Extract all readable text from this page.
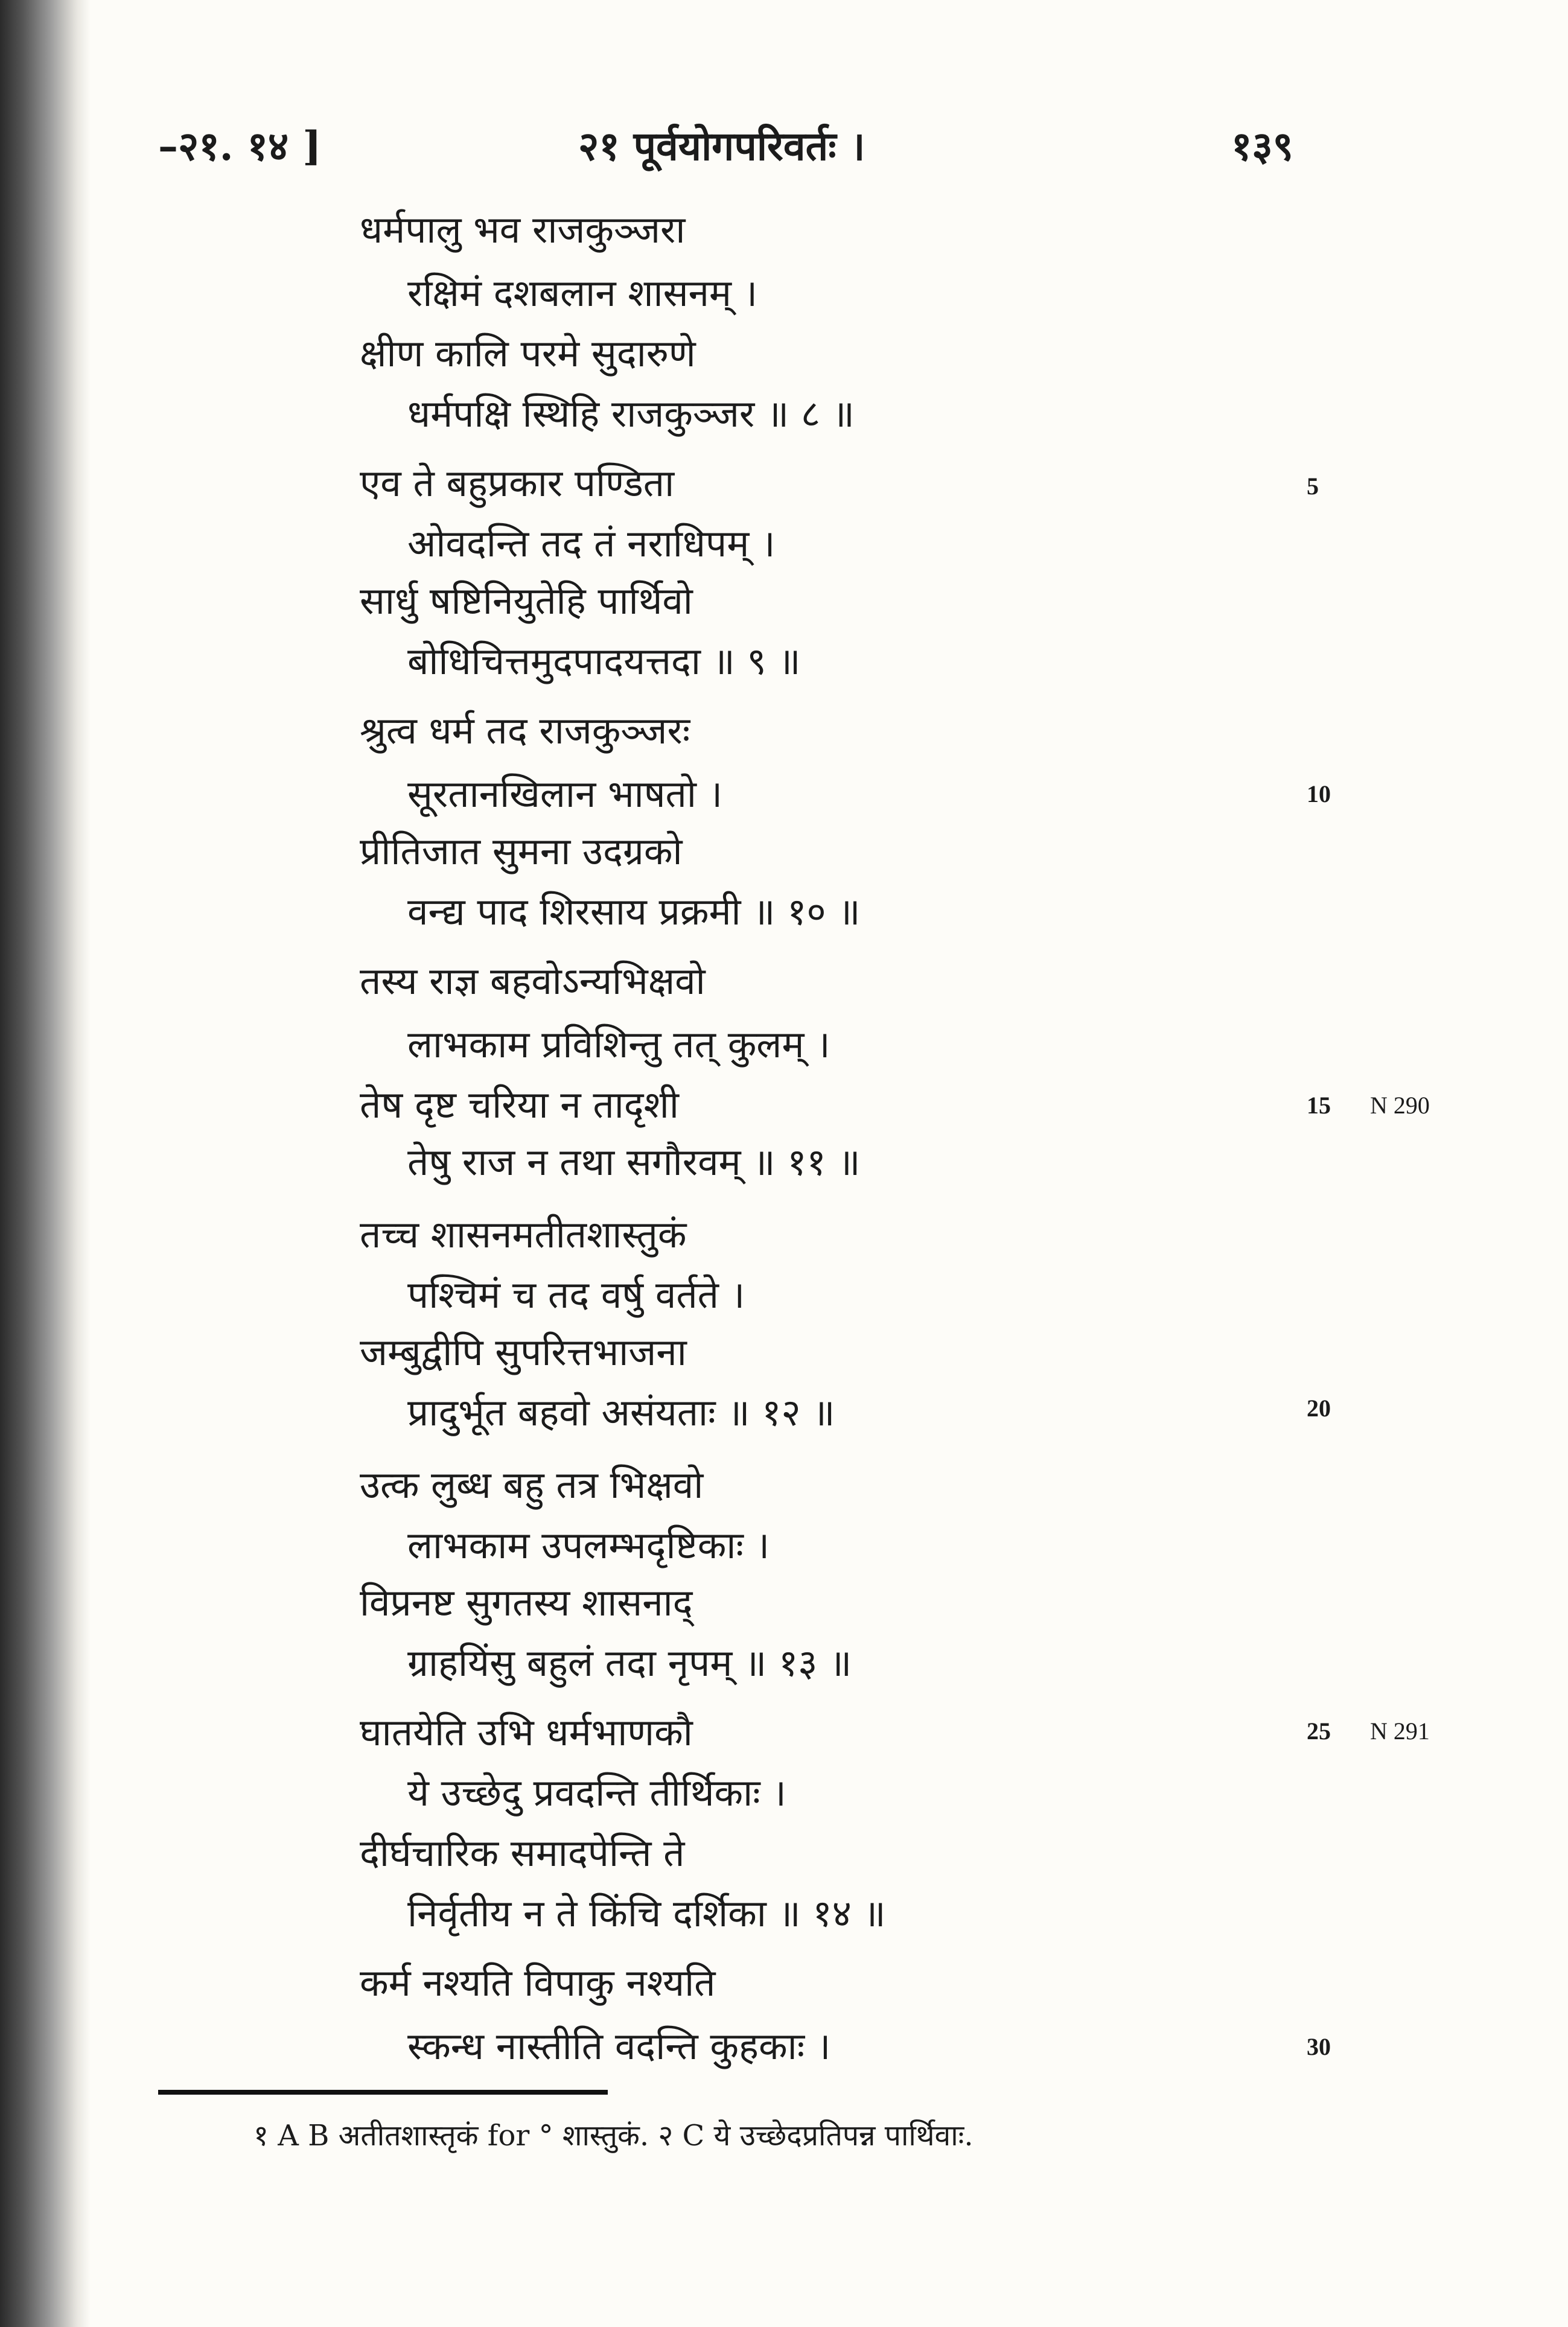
–२१. १४ ]	२१ पूर्वयोगपरिवर्तः ।	१३९
धर्मपालु भव राजकुञ्जरा
रक्षिमं दशबलान शासनम् ।
क्षीण कालि परमे सुदारुणे
धर्मपक्षि स्थिहि राजकुञ्जर ॥ ८ ॥
एव ते बहुप्रकार पण्डिता
ओवदन्ति तद तं नराधिपम् ।
सार्धु षष्टिनियुतेहि पार्थिवो
बोधिचित्तमुदपादयत्तदा ॥ ९ ॥
श्रुत्व धर्म तद राजकुञ्जरः
सूरतानखिलान भाषतो ।
प्रीतिजात सुमना उदग्रको
वन्द्य पाद शिरसाय प्रक्रमी ॥ १० ॥
तस्य राज्ञ बहवोऽन्यभिक्षवो
लाभकाम प्रविशिन्तु तत् कुलम् ।
तेष दृष्ट चरिया न तादृशी
तेषु राज न तथा सगौरवम् ॥ ११ ॥
तच्च शासनमतीतशास्तुकं
पश्चिमं च तद वर्षु वर्तते ।
जम्बुद्वीपि सुपरित्तभाजना
प्रादुर्भूत बहवो असंयताः ॥ १२ ॥
उत्क लुब्ध बहु तत्र भिक्षवो
लाभकाम उपलम्भदृष्टिकाः ।
विप्रनष्ट सुगतस्य शासनाद्
ग्राहयिंसु बहुलं तदा नृपम् ॥ १३ ॥
घातयेति उभि धर्मभाणकौ
ये उच्छेदु प्रवदन्ति तीर्थिकाः ।
दीर्घचारिक समादपेन्ति ते
निर्वृतीय न ते किंचि दर्शिका ॥ १४ ॥
कर्म नश्यति विपाकु नश्यति
स्कन्ध नास्तीति वदन्ति कुहकाः ।
5
10
15
20
25
30
N 290
N 291
१ A B अतीतशास्तृकं for ° शास्तुकं. २ C ये उच्छेदप्रतिपन्न पार्थिवाः.
